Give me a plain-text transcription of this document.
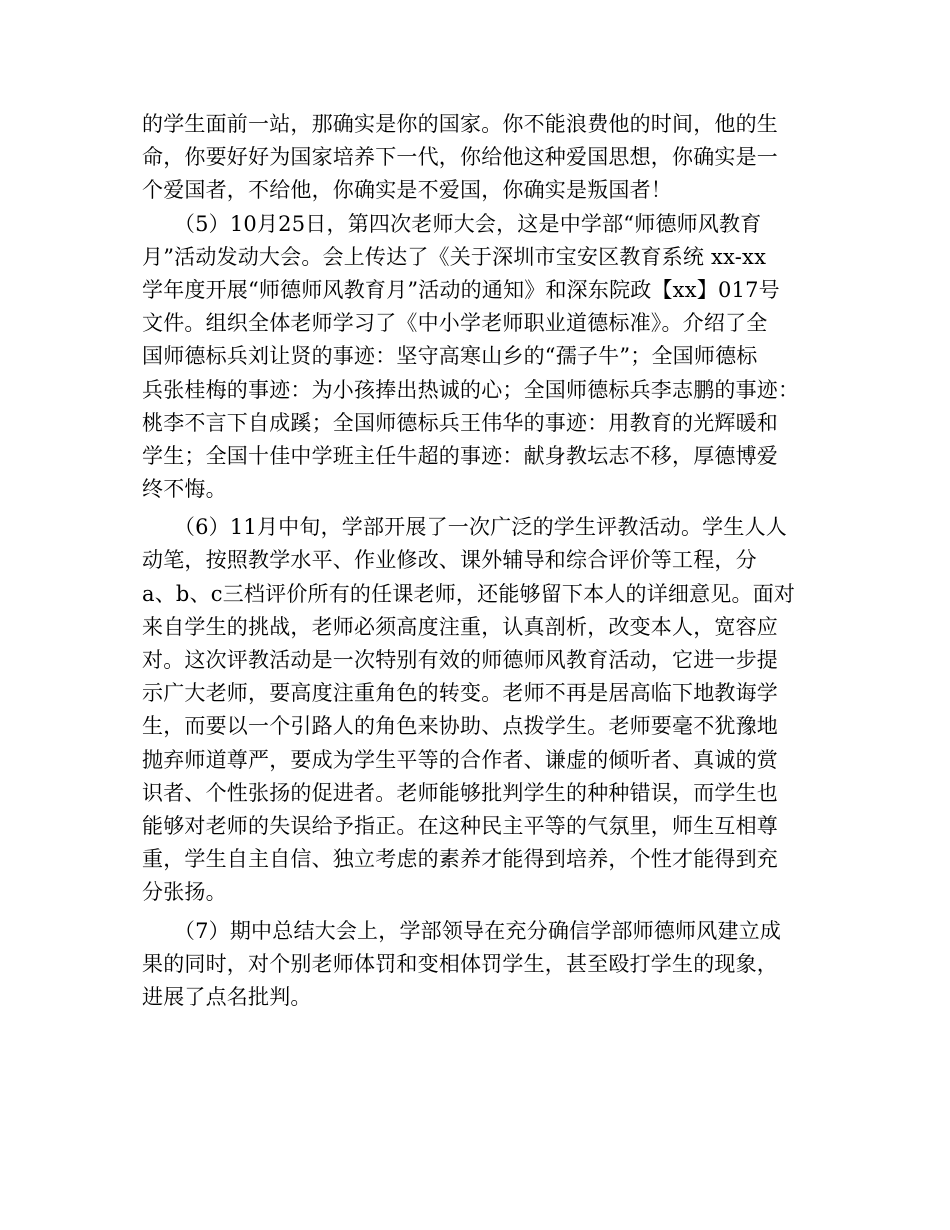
的学生面前一站，那确实是你的国家。你不能浪费他的时间，他的生
命，你要好好为国家培养下一代，你给他这种爱国思想，你确实是一
个爱国者，不给他，你确实是不爱国，你确实是叛国者！
　　（5）10月25日，第四次老师大会，这是中学部“师德师风教育
月”活动发动大会。会上传达了《关于深圳市宝安区教育系统 xx-xx
学年度开展“师德师风教育月”活动的通知》和深东院政【xx】017号
文件。组织全体老师学习了《中小学老师职业道德标准》。介绍了全
国师德标兵刘让贤的事迹：坚守高寒山乡的“孺子牛”；全国师德标
兵张桂梅的事迹：为小孩捧出热诚的心；全国师德标兵李志鹏的事迹：
桃李不言下自成蹊；全国师德标兵王伟华的事迹：用教育的光辉暖和
学生；全国十佳中学班主任牛超的事迹：献身教坛志不移，厚德博爱
终不悔。
　　（6）11月中旬，学部开展了一次广泛的学生评教活动。学生人人
动笔，按照教学水平、作业修改、课外辅导和综合评价等工程，分
a、b、c三档评价所有的任课老师，还能够留下本人的详细意见。面对
来自学生的挑战，老师必须高度注重，认真剖析，改变本人，宽容应
对。这次评教活动是一次特别有效的师德师风教育活动，它进一步提
示广大老师，要高度注重角色的转变。老师不再是居高临下地教诲学
生，而要以一个引路人的角色来协助、点拨学生。老师要毫不犹豫地
抛弃师道尊严，要成为学生平等的合作者、谦虚的倾听者、真诚的赏
识者、个性张扬的促进者。老师能够批判学生的种种错误，而学生也
能够对老师的失误给予指正。在这种民主平等的气氛里，师生互相尊
重，学生自主自信、独立考虑的素养才能得到培养，个性才能得到充
分张扬。
　　（7）期中总结大会上，学部领导在充分确信学部师德师风建立成
果的同时，对个别老师体罚和变相体罚学生，甚至殴打学生的现象，
进展了点名批判。
